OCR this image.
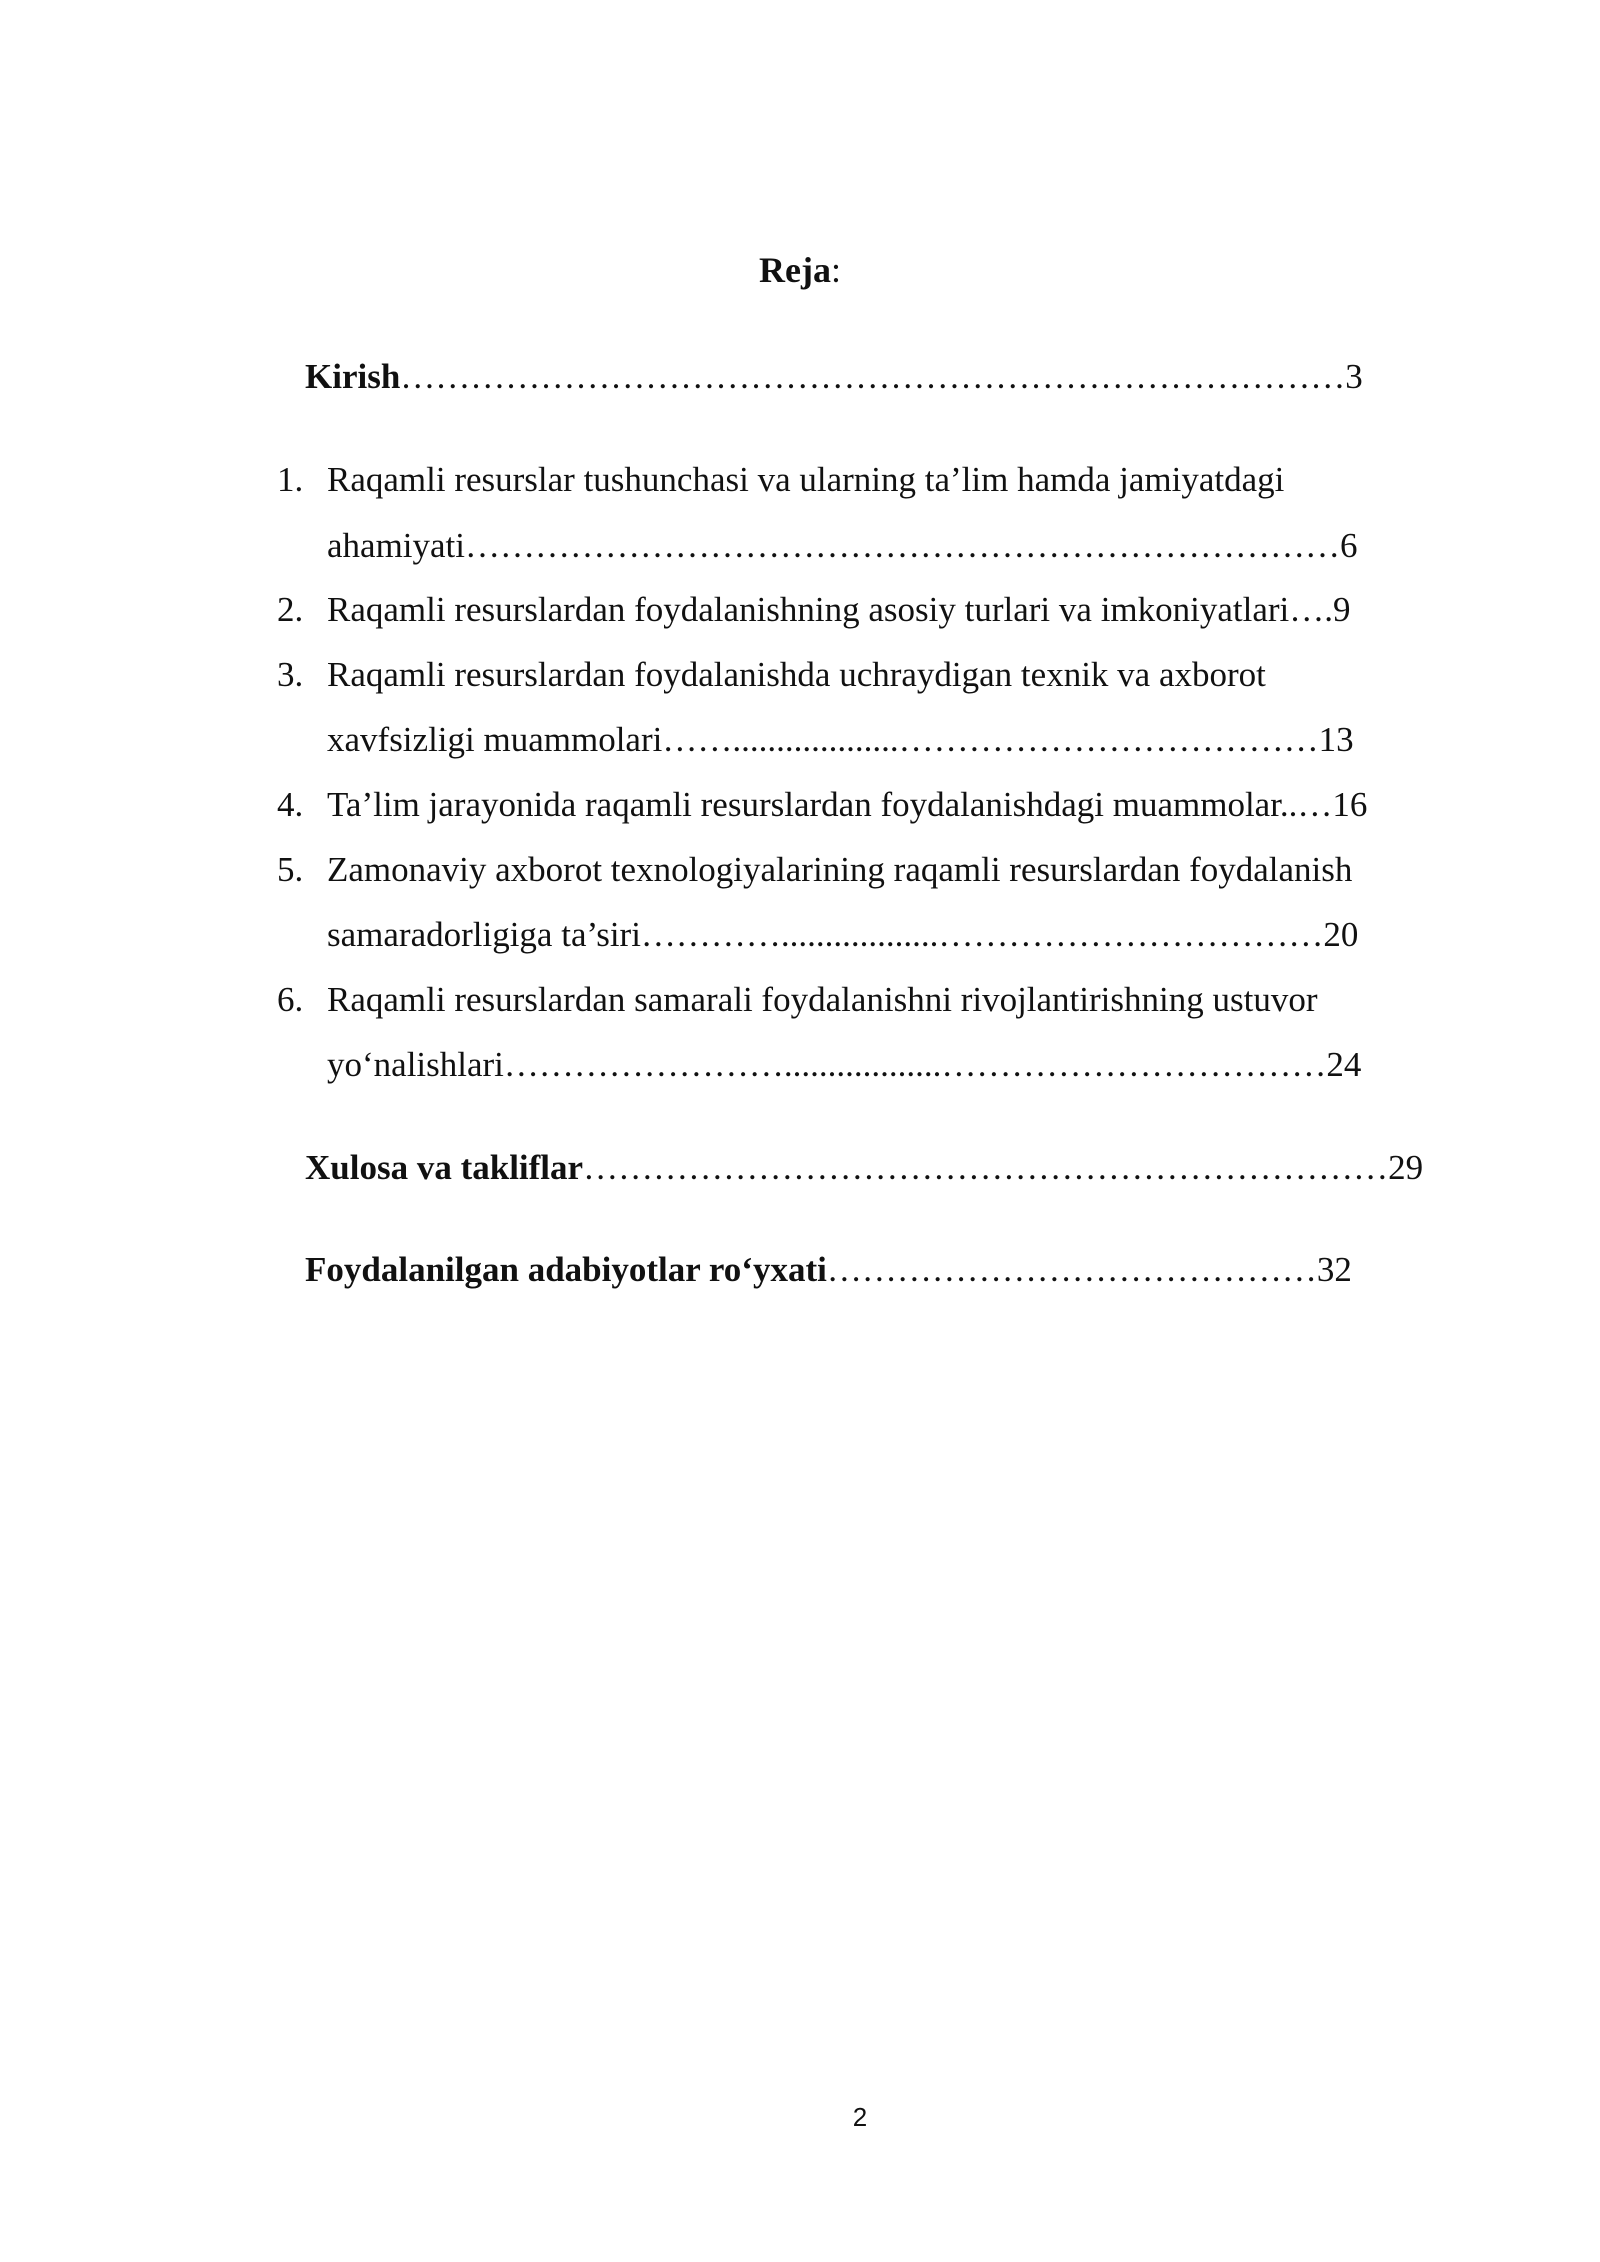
Reja:
Kirish………………………………………………………………………3
1. Raqamli resurslar tushunchasi va ularning ta’lim hamda jamiyatdagi
ahamiyati…………………………………………………………………6
2. Raqamli resurslardan foydalanishning asosiy turlari va imkoniyatlari….9
3. Raqamli resurslardan foydalanishda uchraydigan texnik va axborot
xavfsizligi muammolari……...................………………………………13
4. Ta’lim jarayonida raqamli resurslardan foydalanishdagi muammolar..…16
5. Zamonaviy axborot texnologiyalarining raqamli resurslardan foydalanish
samaradorligiga ta’siri…………..................……………………………20
6. Raqamli resurslardan samarali foydalanishni rivojlantirishning ustuvor
yo‘nalishlari……………………..................……………………………24
Xulosa va takliflar……………………………………………………………29
Foydalanilgan adabiyotlar ro‘yxati……………………………………32
2
